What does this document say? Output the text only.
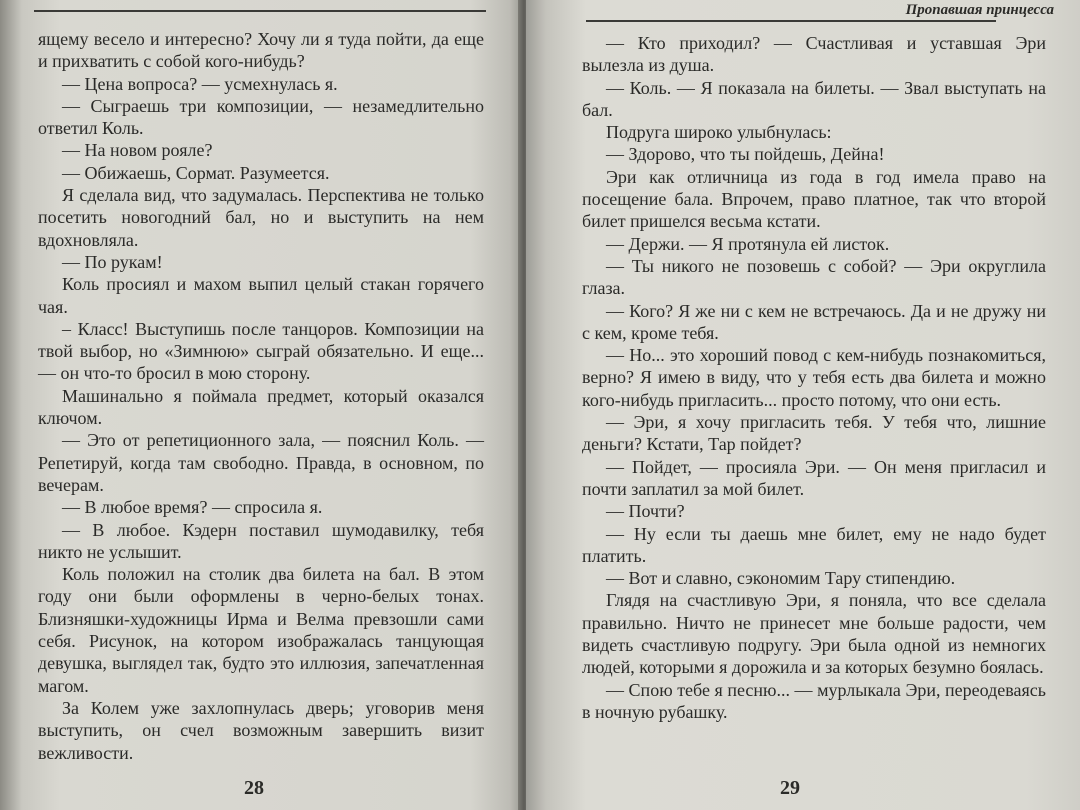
ящему весело и интересно? Хочу ли я туда пойти, да еще и прихватить с собой кого-нибудь?

— Цена вопроса? — усмехнулась я.

— Сыграешь три композиции, — незамедлительно ответил Коль.

— На новом рояле?

— Обижаешь, Сормат. Разумеется.

Я сделала вид, что задумалась. Перспектива не только посетить новогодний бал, но и выступить на нем вдохновляла.

— По рукам!

Коль просиял и махом выпил целый стакан горячего чая.

– Класс! Выступишь после танцоров. Композиции на твой выбор, но «Зимнюю» сыграй обязательно. И еще... — он что-то бросил в мою сторону.

Машинально я поймала предмет, который оказался ключом.

— Это от репетиционного зала, — пояснил Коль. — Репетируй, когда там свободно. Правда, в основном, по вечерам.

— В любое время? — спросила я.

— В любое. Кэдерн поставил шумодавилку, тебя никто не услышит.

Коль положил на столик два билета на бал. В этом году они были оформлены в черно-белых тонах. Близняшки-художницы Ирма и Велма превзошли сами себя. Рисунок, на котором изображалась танцующая девушка, выглядел так, будто это иллюзия, запечатленная магом.

За Колем уже захлопнулась дверь; уговорив меня выступить, он счел возможным завершить визит вежливости.

28
Пропавшая принцесса

— Кто приходил? — Счастливая и уставшая Эри вылезла из душа.

— Коль. — Я показала на билеты. — Звал выступать на бал.

Подруга широко улыбнулась:

— Здорово, что ты пойдешь, Дейна!

Эри как отличница из года в год имела право на посещение бала. Впрочем, право платное, так что второй билет пришелся весьма кстати.

— Держи. — Я протянула ей листок.

— Ты никого не позовешь с собой? — Эри округлила глаза.

— Кого? Я же ни с кем не встречаюсь. Да и не дружу ни с кем, кроме тебя.

— Но... это хороший повод с кем-нибудь познакомиться, верно? Я имею в виду, что у тебя есть два билета и можно кого-нибудь пригласить... просто потому, что они есть.

— Эри, я хочу пригласить тебя. У тебя что, лишние деньги? Кстати, Тар пойдет?

— Пойдет, — просияла Эри. — Он меня пригласил и почти заплатил за мой билет.

— Почти?

— Ну если ты даешь мне билет, ему не надо будет платить.

— Вот и славно, сэкономим Тару стипендию.

Глядя на счастливую Эри, я поняла, что все сделала правильно. Ничто не принесет мне больше радости, чем видеть счастливую подругу. Эри была одной из немногих людей, которыми я дорожила и за которых безумно боялась.

— Спою тебе я песню... — мурлыкала Эри, переодеваясь в ночную рубашку.

29
